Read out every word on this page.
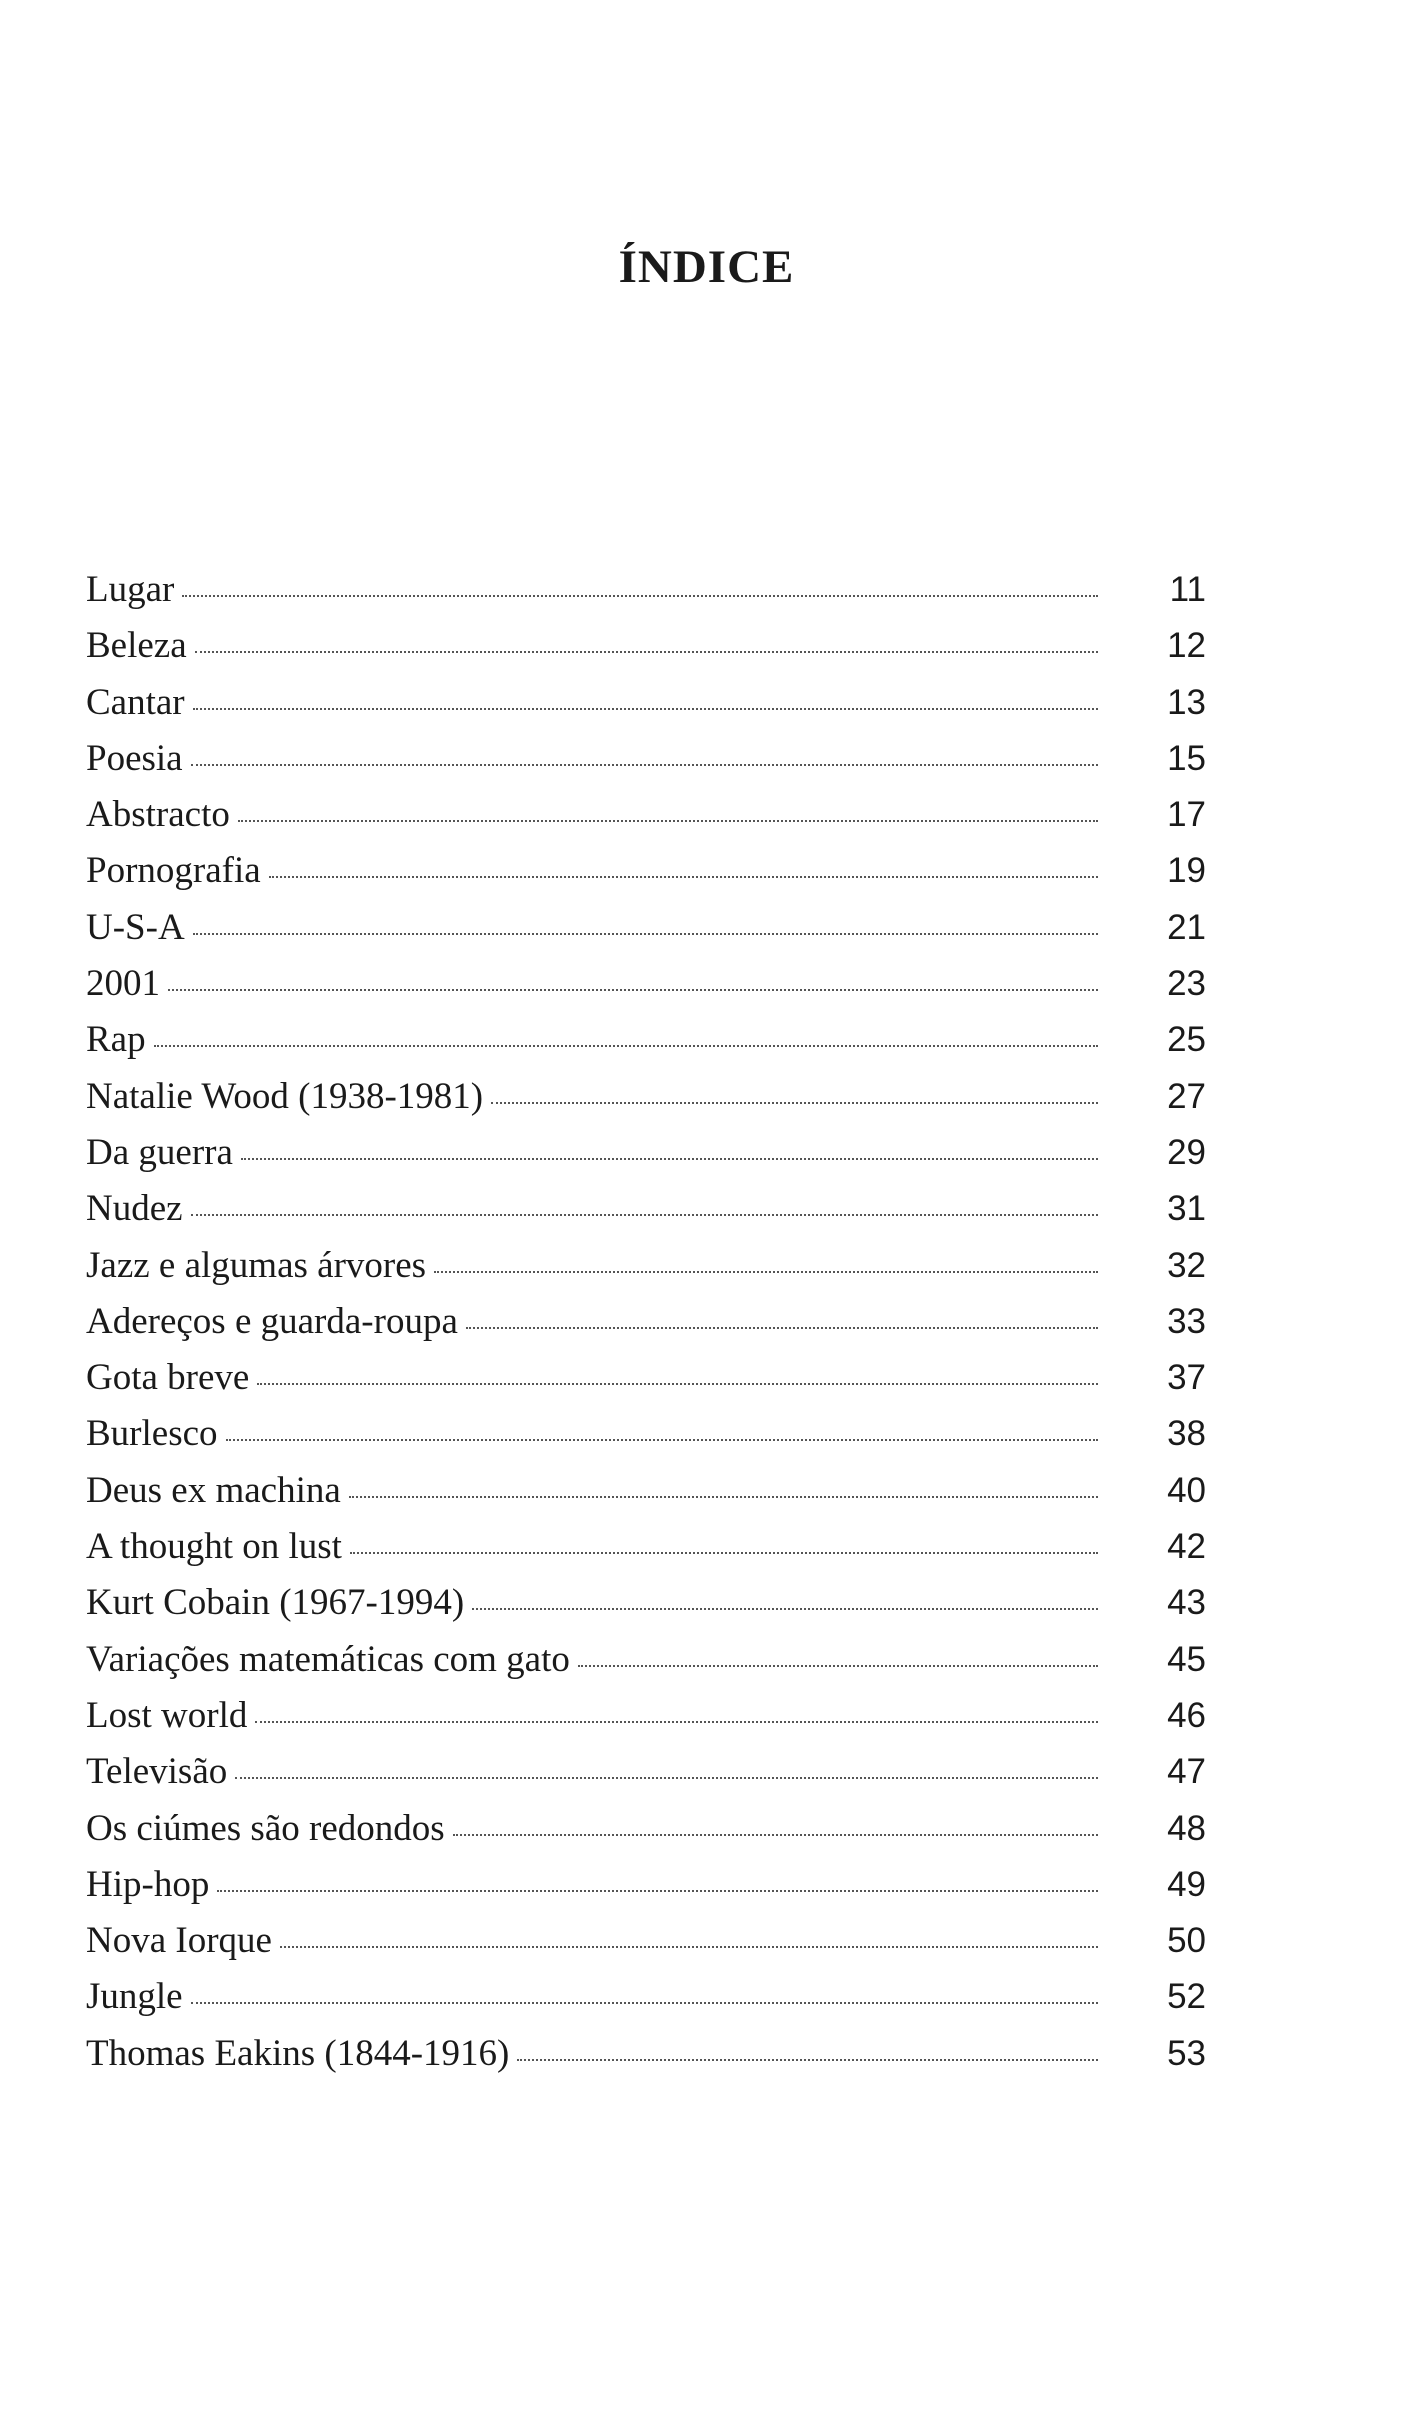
ÍNDICE
Lugar	11
Beleza	12
Cantar	13
Poesia	15
Abstracto	17
Pornografia	19
U-S-A	21
2001	23
Rap	25
Natalie Wood (1938-1981)	27
Da guerra	29
Nudez	31
Jazz e algumas árvores	32
Adereços e guarda-roupa	33
Gota breve	37
Burlesco	38
Deus ex machina	40
A thought on lust	42
Kurt Cobain (1967-1994)	43
Variações matemáticas com gato	45
Lost world	46
Televisão	47
Os ciúmes são redondos	48
Hip-hop	49
Nova Iorque	50
Jungle	52
Thomas Eakins (1844-1916)	53
